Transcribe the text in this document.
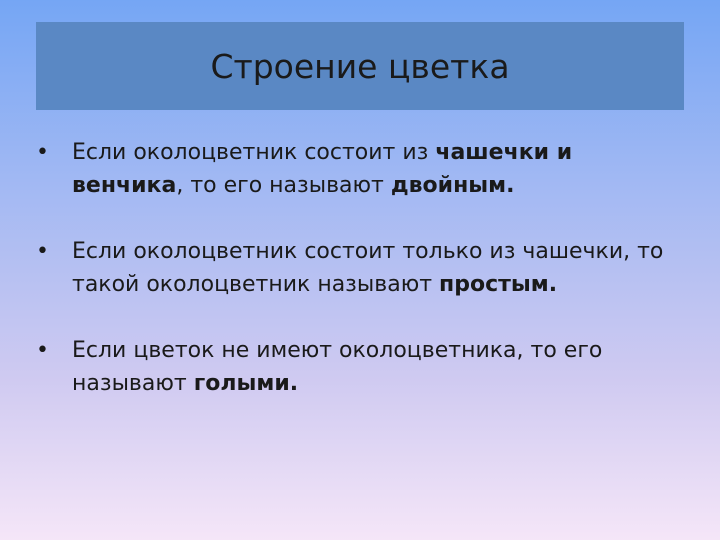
Строение цветка
• Если околоцветник состоит из чашечки и венчика, то его называют двойным.
• Если околоцветник состоит только из чашечки, то такой околоцветник называют простым.
• Если цветок не имеют околоцветника, то его называют голыми.
